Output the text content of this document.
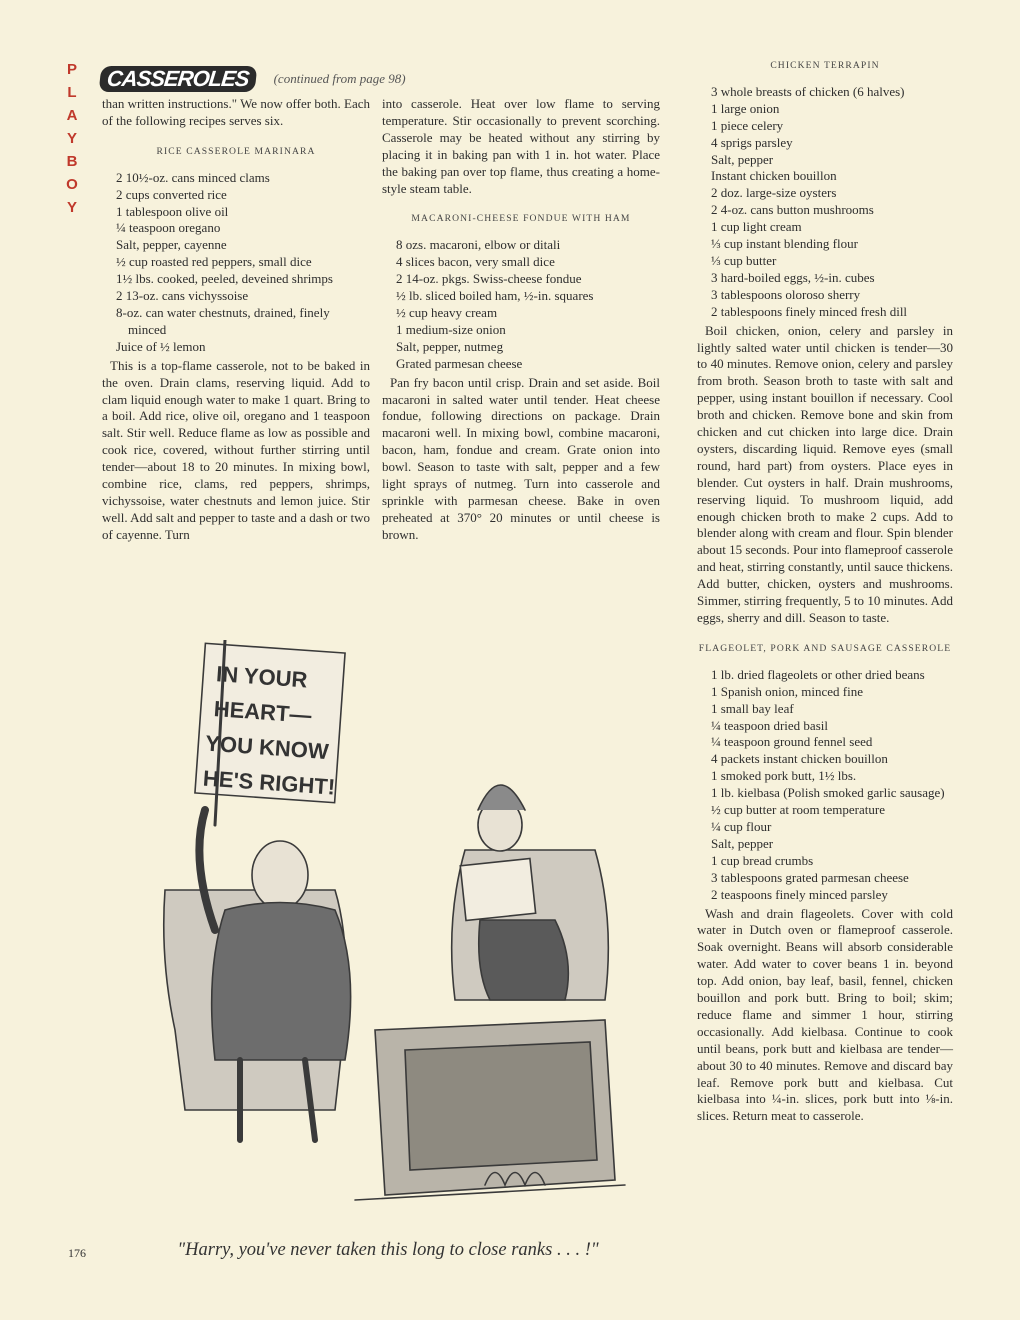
P
L
A
Y
B
O
Y
CASSEROLES	(continued from page 98)

than written instructions." We now offer both. Each of the following recipes serves six.

RICE CASSEROLE MARINARA
2 10½-oz. cans minced clams
2 cups converted rice
1 tablespoon olive oil
¼ teaspoon oregano
Salt, pepper, cayenne
½ cup roasted red peppers, small dice
1½ lbs. cooked, peeled, deveined shrimps
2 13-oz. cans vichyssoise
8-oz. can water chestnuts, drained, finely minced
Juice of ½ lemon

This is a top-flame casserole, not to be baked in the oven. Drain clams, reserving liquid. Add to clam liquid enough water to make 1 quart. Bring to a boil. Add rice, olive oil, oregano and 1 teaspoon salt. Stir well. Reduce flame as low as possible and cook rice, covered, without further stirring until tender—about 18 to 20 minutes. In mixing bowl, combine rice, clams, red peppers, shrimps, vichyssoise, water chestnuts and lemon juice. Stir well. Add salt and pepper to taste and a dash or two of cayenne. Turn

into casserole. Heat over low flame to serving temperature. Stir occasionally to prevent scorching. Casserole may be heated without any stirring by placing it in baking pan with 1 in. hot water. Place the baking pan over top flame, thus creating a home-style steam table.

MACARONI-CHEESE FONDUE WITH HAM
8 ozs. macaroni, elbow or ditali
4 slices bacon, very small dice
2 14-oz. pkgs. Swiss-cheese fondue
½ lb. sliced boiled ham, ½-in. squares
½ cup heavy cream
1 medium-size onion
Salt, pepper, nutmeg
Grated parmesan cheese

Pan fry bacon until crisp. Drain and set aside. Boil macaroni in salted water until tender. Heat cheese fondue, following directions on package. Drain macaroni well. In mixing bowl, combine macaroni, bacon, ham, fondue and cream. Grate onion into bowl. Season to taste with salt, pepper and a few light sprays of nutmeg. Turn into casserole and sprinkle with parmesan cheese. Bake in oven preheated at 370° 20 minutes or until cheese is brown.

CHICKEN TERRAPIN
3 whole breasts of chicken (6 halves)
1 large onion
1 piece celery
4 sprigs parsley
Salt, pepper
Instant chicken bouillon
2 doz. large-size oysters
2 4-oz. cans button mushrooms
1 cup light cream
⅓ cup instant blending flour
⅓ cup butter
3 hard-boiled eggs, ½-in. cubes
3 tablespoons oloroso sherry
2 tablespoons finely minced fresh dill

Boil chicken, onion, celery and parsley in lightly salted water until chicken is tender—30 to 40 minutes. Remove onion, celery and parsley from broth. Season broth to taste with salt and pepper, using instant bouillon if necessary. Cool broth and chicken. Remove bone and skin from chicken and cut chicken into large dice. Drain oysters, discarding liquid. Remove eyes (small round, hard part) from oysters. Place eyes in blender. Cut oysters in half. Drain mushrooms, reserving liquid. To mushroom liquid, add enough chicken broth to make 2 cups. Add to blender along with cream and flour. Spin blender about 15 seconds. Pour into flameproof casserole and heat, stirring constantly, until sauce thickens. Add butter, chicken, oysters and mushrooms. Simmer, stirring frequently, 5 to 10 minutes. Add eggs, sherry and dill. Season to taste.

FLAGEOLET, PORK AND SAUSAGE CASSEROLE
1 lb. dried flageolets or other dried beans
1 Spanish onion, minced fine
1 small bay leaf
¼ teaspoon dried basil
¼ teaspoon ground fennel seed
4 packets instant chicken bouillon
1 smoked pork butt, 1½ lbs.
1 lb. kielbasa (Polish smoked garlic sausage)
½ cup butter at room temperature
¼ cup flour
Salt, pepper
1 cup bread crumbs
3 tablespoons grated parmesan cheese
2 teaspoons finely minced parsley

Wash and drain flageolets. Cover with cold water in Dutch oven or flameproof casserole. Soak overnight. Beans will absorb considerable water. Add water to cover beans 1 in. beyond top. Add onion, bay leaf, basil, fennel, chicken bouillon and pork butt. Bring to boil; skim; reduce flame and simmer 1 hour, stirring occasionally. Add kielbasa. Continue to cook until beans, pork butt and kielbasa are tender—about 30 to 40 minutes. Remove and discard bay leaf. Remove pork butt and kielbasa. Cut kielbasa into ¼-in. slices, pork butt into ⅛-in. slices. Return meat to casserole.

IN YOUR
HEART—
YOU KNOW
HE'S RIGHT!
"Harry, you've never taken this long to close ranks . . . !"
176
